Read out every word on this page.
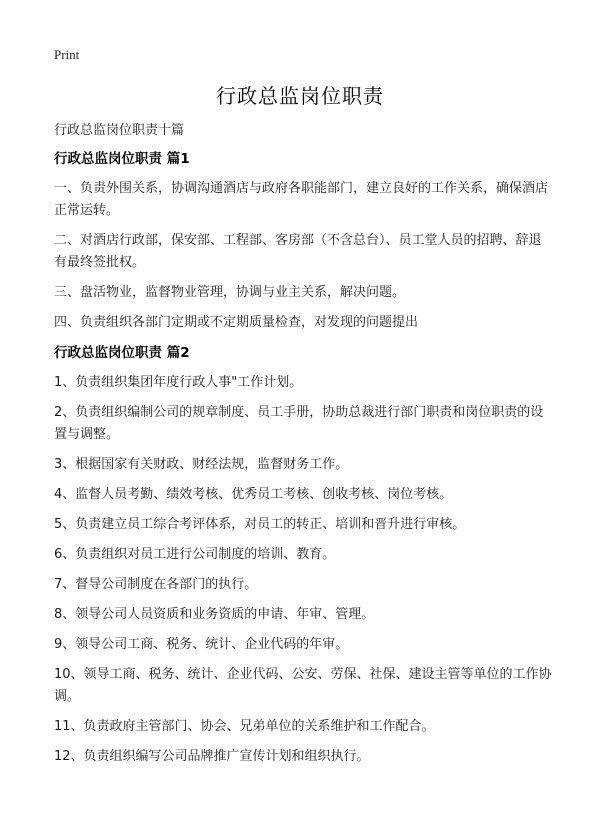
Print
行政总监岗位职责

行政总监岗位职责十篇

行政总监岗位职责 篇1

一、负责外围关系，协调沟通酒店与政府各职能部门，建立良好的工作关系，确保酒店正常运转。

二、对酒店行政部，保安部、工程部、客房部（不含总台）、员工堂人员的招聘、辞退有最终签批权。

三、盘活物业，监督物业管理，协调与业主关系，解决问题。

四、负责组织各部门定期或不定期质量检查，对发现的问题提出

行政总监岗位职责 篇2

1、负责组织集团年度行政人事"工作计划。

2、负责组织编制公司的规章制度、员工手册，协助总裁进行部门职责和岗位职责的设置与调整。

3、根据国家有关财政、财经法规，监督财务工作。

4、监督人员考勤、绩效考核、优秀员工考核、创收考核、岗位考核。

5、负责建立员工综合考评体系，对员工的转正、培训和晋升进行审核。

6、负责组织对员工进行公司制度的培训、教育。

7、督导公司制度在各部门的执行。

8、领导公司人员资质和业务资质的申请、年审、管理。

9、领导公司工商、税务、统计、企业代码的年审。

10、领导工商、税务、统计、企业代码、公安、劳保、社保、建设主管等单位的工作协调。

11、负责政府主管部门、协会、兄弟单位的关系维护和工作配合。

12、负责组织编写公司品牌推广宣传计划和组织执行。
